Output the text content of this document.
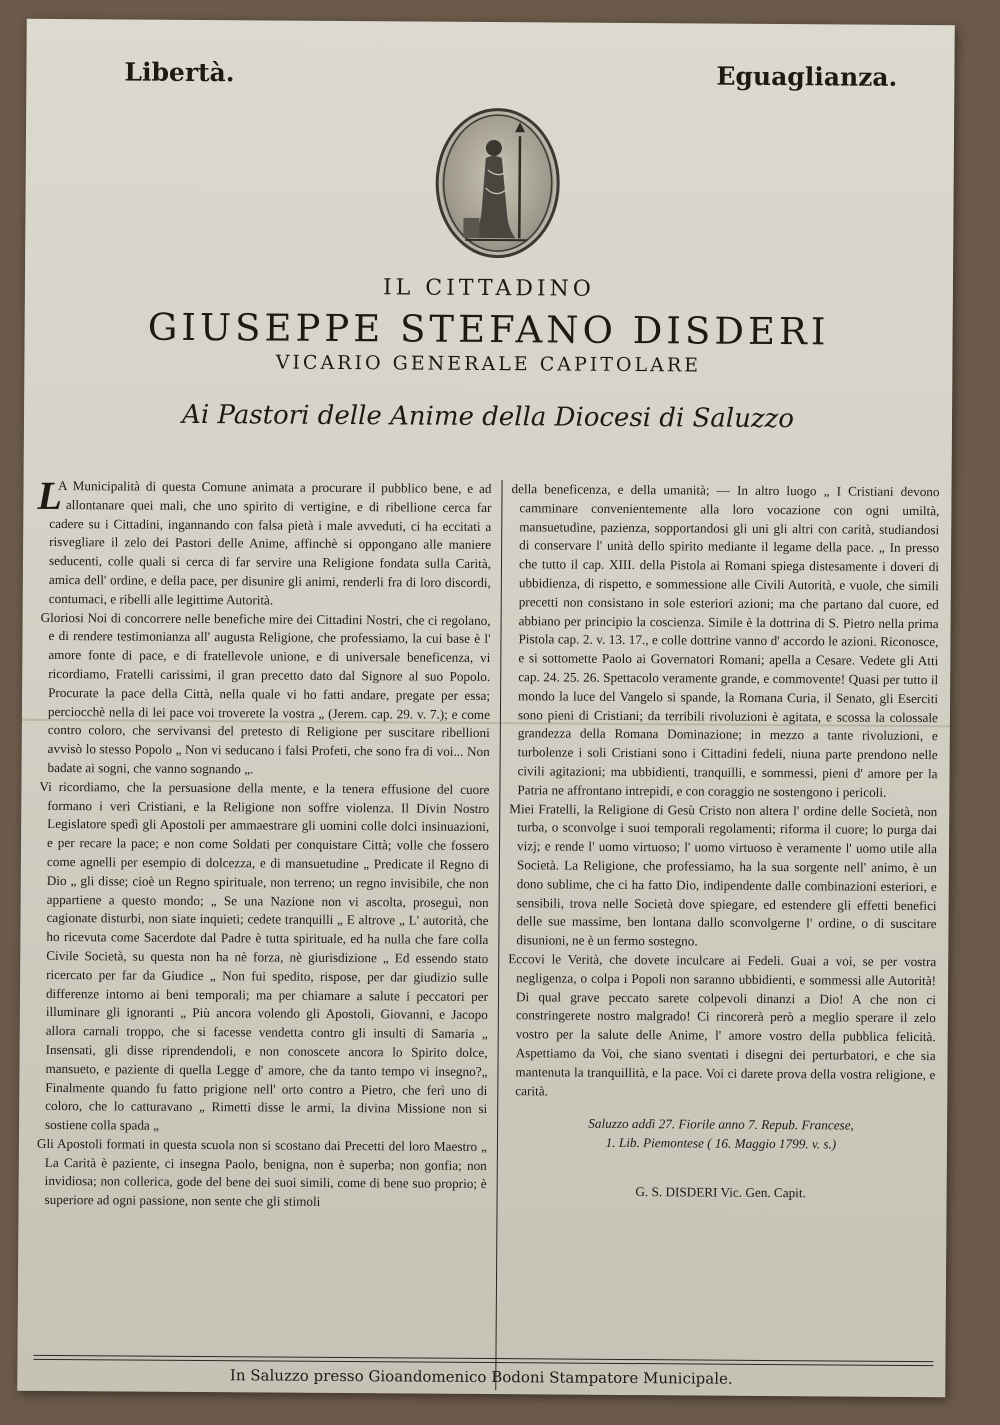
Libertà.	Eguaglianza.
IL CITTADINO
GIUSEPPE STEFANO DISDERI
VICARIO GENERALE CAPITOLARE
Ai Pastori delle Anime della Diocesi di Saluzzo

L
A Municipalità di questa Comune animata a procurare il pubblico bene, e ad allontanare quei mali, che uno spirito di vertigine, e di ribellione cerca far cadere su i Cittadini, ingannando con falsa pietà i male avveduti, ci ha eccitati a risvegliare il zelo dei Pastori delle Anime, affinchè si oppongano alle maniere seducenti, colle quali si cerca di far servire una Religione fondata sulla Carità, amica dell' ordine, e della pace, per disunire gli animi, renderli fra di loro discordi, contumaci, e ribelli alle legittime Autorità.

Gloriosi Noi di concorrere nelle benefiche mire dei Cittadini Nostri, che ci regolano, e di rendere testimonianza all' augusta Religione, che professiamo, la cui base è l' amore fonte di pace, e di fratellevole unione, e di universale beneficenza, vi ricordiamo, Fratelli carissimi, il gran precetto dato dal Signore al suo Popolo. Procurate la pace della Città, nella quale vi ho fatti andare, pregate per essa; perciocchè nella di lei pace voi troverete la vostra „ (Jerem. cap. 29. v. 7.); e come contro coloro, che servivansi del pretesto di Religione per suscitare ribellioni avvisò lo stesso Popolo „ Non vi seducano i falsi Profeti, che sono fra di voi... Non badate ai sogni, che vanno sognando „.

Vi ricordiamo, che la persuasione della mente, e la tenera effusione del cuore formano i veri Cristiani, e la Religione non soffre violenza. Il Divin Nostro Legislatore spedì gli Apostoli per ammaestrare gli uomini colle dolci insinuazioni, e per recare la pace; e non come Soldati per conquistare Città; volle che fossero come agnelli per esempio di dolcezza, e di mansuetudine „ Predicate il Regno di Dio „ gli disse; cioè un Regno spirituale, non terreno; un regno invisibile, che non appartiene a questo mondo; „ Se una Nazione non vi ascolta, proseguì, non cagionate disturbi, non siate inquieti; cedete tranquilli „ E altrove „ L' autorità, che ho ricevuta come Sacerdote dal Padre è tutta spirituale, ed ha nulla che fare colla Civile Società, su questa non ha nè forza, nè giurisdizione „ Ed essendo stato ricercato per far da Giudice „ Non fui spedito, rispose, per dar giudizio sulle differenze intorno ai beni temporali; ma per chiamare a salute i peccatori per illuminare gli ignoranti „ Più ancora volendo gli Apostoli, Giovanni, e Jacopo allora carnali troppo, che si facesse vendetta contro gli insulti di Samaria „ Insensati, gli disse riprendendoli, e non conoscete ancora lo Spirito dolce, mansueto, e paziente di quella Legge d' amore, che da tanto tempo vi insegno?„ Finalmente quando fu fatto prigione nell' orto contro a Pietro, che ferì uno di coloro, che lo catturavano „ Rimetti disse le armi, la divina Missione non si sostiene colla spada „

Gli Apostoli formati in questa scuola non si scostano dai Precetti del loro Maestro „ La Carità è paziente, ci insegna Paolo, benigna, non è superba; non gonfia; non invidiosa; non collerica, gode del bene dei suoi simili, come di bene suo proprio; è superiore ad ogni passione, non sente che gli stimoli

della beneficenza, e della umanità; — In altro luogo „ I Cristiani devono camminare convenientemente alla loro vocazione con ogni umiltà, mansuetudine, pazienza, sopportandosi gli uni gli altri con carità, studiandosi di conservare l' unità dello spirito mediante il legame della pace. „ In presso che tutto il cap. XIII. della Pistola ai Romani spiega distesamente i doveri di ubbidienza, di rispetto, e sommessione alle Civili Autorità, e vuole, che simili precetti non consistano in sole esteriori azioni; ma che partano dal cuore, ed abbiano per principio la coscienza. Simile è la dottrina di S. Pietro nella prima Pistola cap. 2. v. 13. 17., e colle dottrine vanno d' accordo le azioni. Riconosce, e si sottomette Paolo ai Governatori Romani; apella a Cesare. Vedete gli Atti cap. 24. 25. 26. Spettacolo veramente grande, e commovente! Quasi per tutto il mondo la luce del Vangelo si spande, la Romana Curia, il Senato, gli Eserciti sono pieni di Cristiani; da terribili rivoluzioni è agitata, e scossa la colossale grandezza della Romana Dominazione; in mezzo a tante rivoluzioni, e turbolenze i soli Cristiani sono i Cittadini fedeli, niuna parte prendono nelle civili agitazioni; ma ubbidienti, tranquilli, e sommessi, pieni d' amore per la Patria ne affrontano intrepidi, e con coraggio ne sostengono i pericoli.

Miei Fratelli, la Religione di Gesù Cristo non altera l' ordine delle Società, non turba, o sconvolge i suoi temporali regolamenti; riforma il cuore; lo purga dai vizj; e rende l' uomo virtuoso; l' uomo virtuoso è veramente l' uomo utile alla Società. La Religione, che professiamo, ha la sua sorgente nell' animo, è un dono sublime, che ci ha fatto Dio, indipendente dalle combinazioni esteriori, e sensibili, trova nelle Società dove spiegare, ed estendere gli effetti benefici delle sue massime, ben lontana dallo sconvolgerne l' ordine, o di suscitare disunioni, ne è un fermo sostegno.

Eccovi le Verità, che dovete inculcare ai Fedeli. Guai a voi, se per vostra negligenza, o colpa i Popoli non saranno ubbidienti, e sommessi alle Autorità! Di qual grave peccato sarete colpevoli dinanzi a Dio! A che non ci constringerete nostro malgrado! Ci rincorerà però a meglio sperare il zelo vostro per la salute delle Anime, l' amore vostro della pubblica felicità. Aspettiamo da Voi, che siano sventati i disegni dei perturbatori, e che sia mantenuta la tranquillità, e la pace. Voi ci darete prova della vostra religione, e carità.

Saluzzo addì 27. Fiorile anno 7. Repub. Francese,

1. Lib. Piemontese ( 16. Maggio 1799. v. s.)

G. S. DISDERI Vic. Gen. Capit.
In Saluzzo presso Gioandomenico Bodoni Stampatore Municipale.
